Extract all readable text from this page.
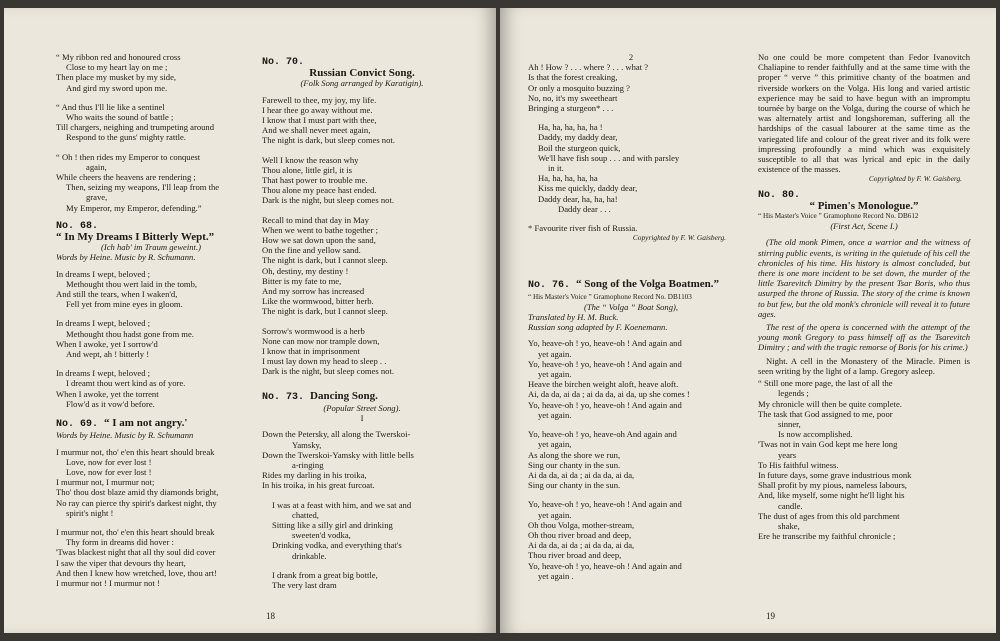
“ My ribbon red and honoured cross
Close to my heart lay on me ;
Then place my musket by my side,
And gird my sword upon me.
“ And thus I'll lie like a sentinel
Who waits the sound of battle ;
Till chargers, neighing and trumpeting around
Respond to the guns' mighty rattle.
“ Oh ! then rides my Emperor to conquest
again,
While cheers the heavens are rendering ;
Then, seizing my weapons, I'll leap from the
grave,
My Emperor, my Emperor, defending.”
No. 68.
“ In My Dreams I Bitterly Wept.”
(Ich hab' im Traum geweint.)
Words by Heine. Music by R. Schumann.
In dreams I wept, beloved ;
Methought thou wert laid in the tomb,
And still the tears, when I waken'd,
Fell yet from mine eyes in gloom.
In dreams I wept, beloved ;
Methought thou hadst gone from me.
When I awoke, yet I sorrow'd
And wept, ah ! bitterly !
In dreams I wept, beloved ;
I dreamt thou wert kind as of yore.
When I awoke, yet the torrent
Flow'd as it vow'd before.
No. 69. “ I am not angry.'
Words by Heine. Music by R. Schumann
I murmur not, tho' e'en this heart should break
Love, now for ever lost !
Love, now for ever lost !
I murmur not, I murmur not;
Tho' thou dost blaze amid thy diamonds bright,
No ray can pierce thy spirit's darkest night, thy
spirit's night !
I murmur not, tho' e'en this heart should break
Thy form in dreams did hover :
'Twas blackest night that all thy soul did cover
I saw the viper that devours thy heart,
And then I knew how wretched, love, thou art!
I murmur not ! I murmur not !
No. 70.
Russian Convict Song.
(Folk Song arranged by Karatigin).
Farewell to thee, my joy, my life.
I hear thee go away without me.
I know that I must part with thee,
And we shall never meet again,
The night is dark, but sleep comes not.
Well I know the reason why
Thou alone, little girl, it is
That hast power to trouble me.
Thou alone my peace hast ended.
Dark is the night, but sleep comes not.
Recall to mind that day in May
When we went to bathe together ;
How we sat down upon the sand,
On the fine and yellow sand.
The night is dark, but I cannot sleep.
Oh, destiny, my destiny !
Bitter is my fate to me,
And my sorrow has increased
Like the wormwood, bitter herb.
The night is dark, but I cannot sleep.
Sorrow's wormwood is a herb
None can mow nor trample down,
I know that in imprisonment
I must lay down my head to sleep . .
Dark is the night, but sleep comes not.
No. 73. Dancing Song.
(Popular Street Song).
I
Down the Petersky, all along the Twerskoi-
Yamsky,
Down the Twerskoi-Yamsky with little bells
a-ringing
Rides my darling in his troika,
In his troika, in his great furcoat.
I was at a feast with him, and we sat and
chatted,
Sitting like a silly girl and drinking
sweeten'd vodka,
Drinking vodka, and everything that's
drinkable.
I drank from a great big bottle,
The very last dram
18
2
Ah ! How ? . . . where ? . . . what ?
Is that the forest creaking,
Or only a mosquito buzzing ?
No, no, it's my sweetheart
Bringing a sturgeon* . . .
Ha, ha, ha, ha, ha !
Daddy, my daddy dear,
Boil the sturgeon quick,
We'll have fish soup . . . and with parsley
in it.
Ha, ha, ha, ha, ha
Kiss me quickly, daddy dear,
Daddy dear, ha, ha, ha!
Daddy dear . . .
* Favourite river fish of Russia.
Copyrighted by F. W. Gaisberg.
No. 76. “ Song of the Volga Boatmen.”
“ His Master's Voice ” Gramophone Record No. DB1103
(The “ Volga ” Boat Song),
Translated by H. M. Buck.
Russian song adapted by F. Koenemann.
Yo, heave-oh ! yo, heave-oh ! And again and
yet again.
Yo, heave-oh ! yo, heave-oh ! And again and
yet again.
Heave the birchen weight aloft, heave aloft.
Ai, da da, ai da ; ai da da, ai da, up she comes !
Yo, heave-oh ! yo, heave-oh ! And again and
yet again.
Yo, heave-oh ! yo, heave-oh And again and
yet again,
As along the shore we run,
Sing our chanty in the sun.
Ai da da, ai da ; ai da da, ai da,
Sing our chanty in the sun.
Yo, heave-oh ! yo, heave-oh ! And again and
yet again.
Oh thou Volga, mother-stream,
Oh thou river broad and deep,
Ai da da, ai da ; ai da da, ai da,
Thou river broad and deep,
Yo, heave-oh ! yo, heave-oh ! And again and
yet again .

No one could be more competent than Fedor Ivanovitch Chaliapine to render faithfully and at the same time with the proper “ verve ” this primitive chanty of the boatmen and riverside workers on the Volga. His long and varied artistic experience may be said to have begun with an impromptu tournée by barge on the Volga, during the course of which he was alternately artist and longshoreman, suffering all the hardships of the casual labourer at the same time as the variegated life and colour of the great river and its folk were impressing profoundly a mind which was exquisitely susceptible to all that was lyrical and epic in the daily existence of the masses.

Copyrighted by F. W. Gaisberg.
No. 80.
“ Pimen's Monologue.”
“ His Master's Voice ” Gramophone Record No. DB612
(First Act, Scene I.)

(The old monk Pimen, once a warrior and the witness of stirring public events, is writing in the quietude of his cell the chronicles of his time. His history is almost concluded, but there is one more incident to be set down, the murder of the little Tsarevitch Dimitry by the present Tsar Boris, who thus usurped the throne of Russia. The story of the crime is known to but few, but the old monk's chronicle will reveal it to future ages.

The rest of the opera is concerned with the attempt of the young monk Gregory to pass himself off as the Tsarevitch Dimitry ; and with the tragic remorse of Boris for his crime.)

Night. A cell in the Monastery of the Miracle. Pimen is seen writing by the light of a lamp. Gregory asleep.

“ Still one more page, the last of all the
legends ;
My chronicle will then be quite complete.
The task that God assigned to me, poor
sinner,
Is now accomplished.
'Twas not in vain God kept me here long
years
To His faithful witness.
In future days, some grave industrious monk
Shall profit by my pious, nameless labours,
And, like myself, some night he'll light his
candle.
The dust of ages from this old parchment
shake,
Ere he transcribe my faithful chronicle ;
19
